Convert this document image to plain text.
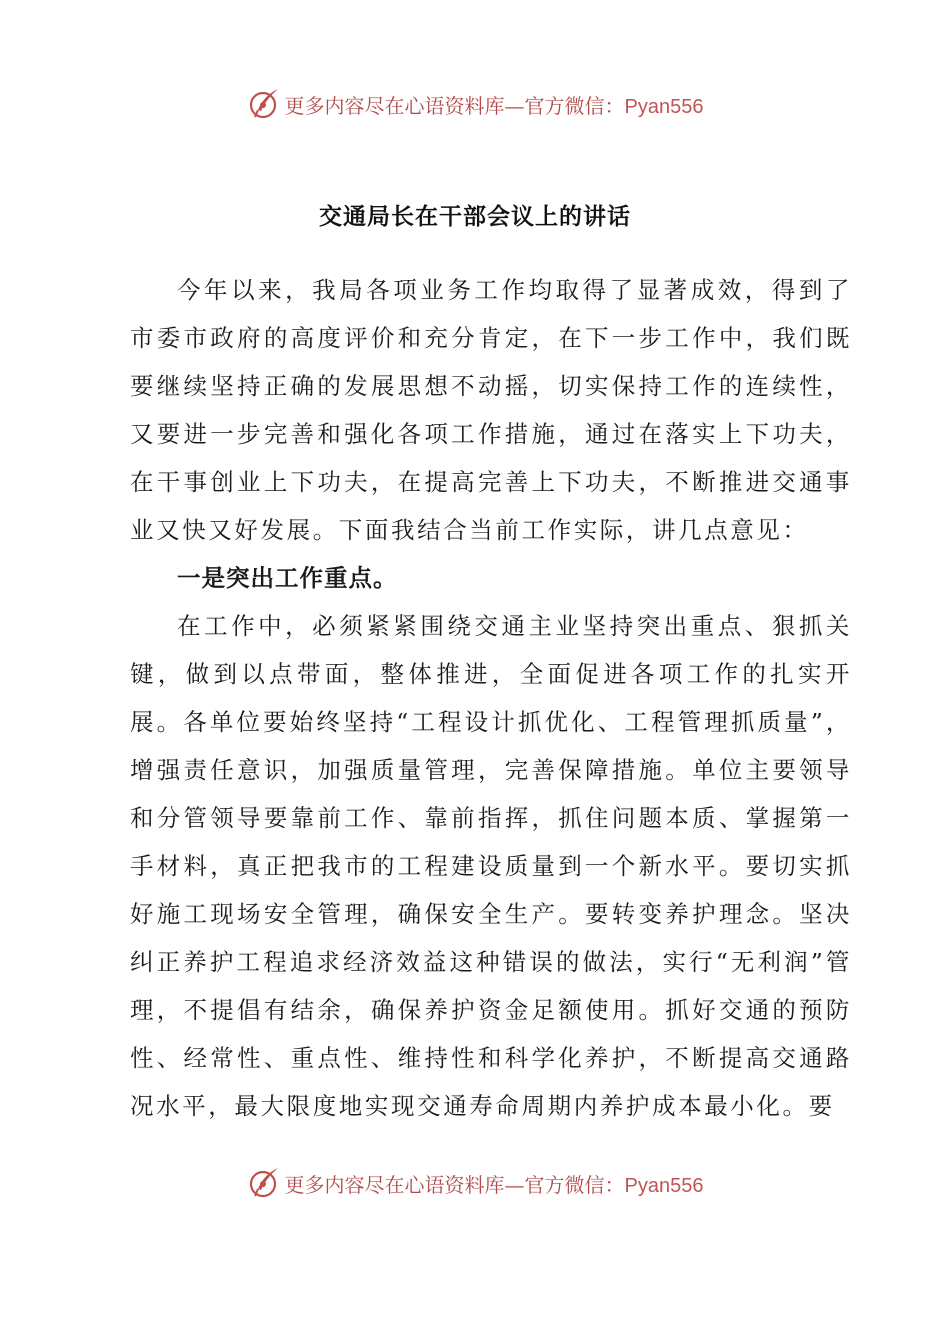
更多内容尽在心语资料库—官方微信：Pyan556
交通局长在干部会议上的讲话

今年以来，我局各项业务工作均取得了显著成效，得到了市委市政府的高度评价和充分肯定，在下一步工作中，我们既要继续坚持正确的发展思想不动摇，切实保持工作的连续性，又要进一步完善和强化各项工作措施，通过在落实上下功夫，在干事创业上下功夫，在提高完善上下功夫，不断推进交通事业又快又好发展。下面我结合当前工作实际，讲几点意见：

一是突出工作重点。

在工作中，必须紧紧围绕交通主业坚持突出重点、狠抓关键，做到以点带面，整体推进，全面促进各项工作的扎实开展。各单位要始终坚持“工程设计抓优化、工程管理抓质量”，增强责任意识，加强质量管理，完善保障措施。单位主要领导和分管领导要靠前工作、靠前指挥，抓住问题本质、掌握第一手材料，真正把我市的工程建设质量到一个新水平。要切实抓好施工现场安全管理，确保安全生产。要转变养护理念。坚决纠正养护工程追求经济效益这种错误的做法，实行“无利润”管理，不提倡有结余，确保养护资金足额使用。抓好交通的预防性、经常性、重点性、维持性和科学化养护，不断提高交通路况水平，最大限度地实现交通寿命周期内养护成本最小化。要

更多内容尽在心语资料库—官方微信：Pyan556
